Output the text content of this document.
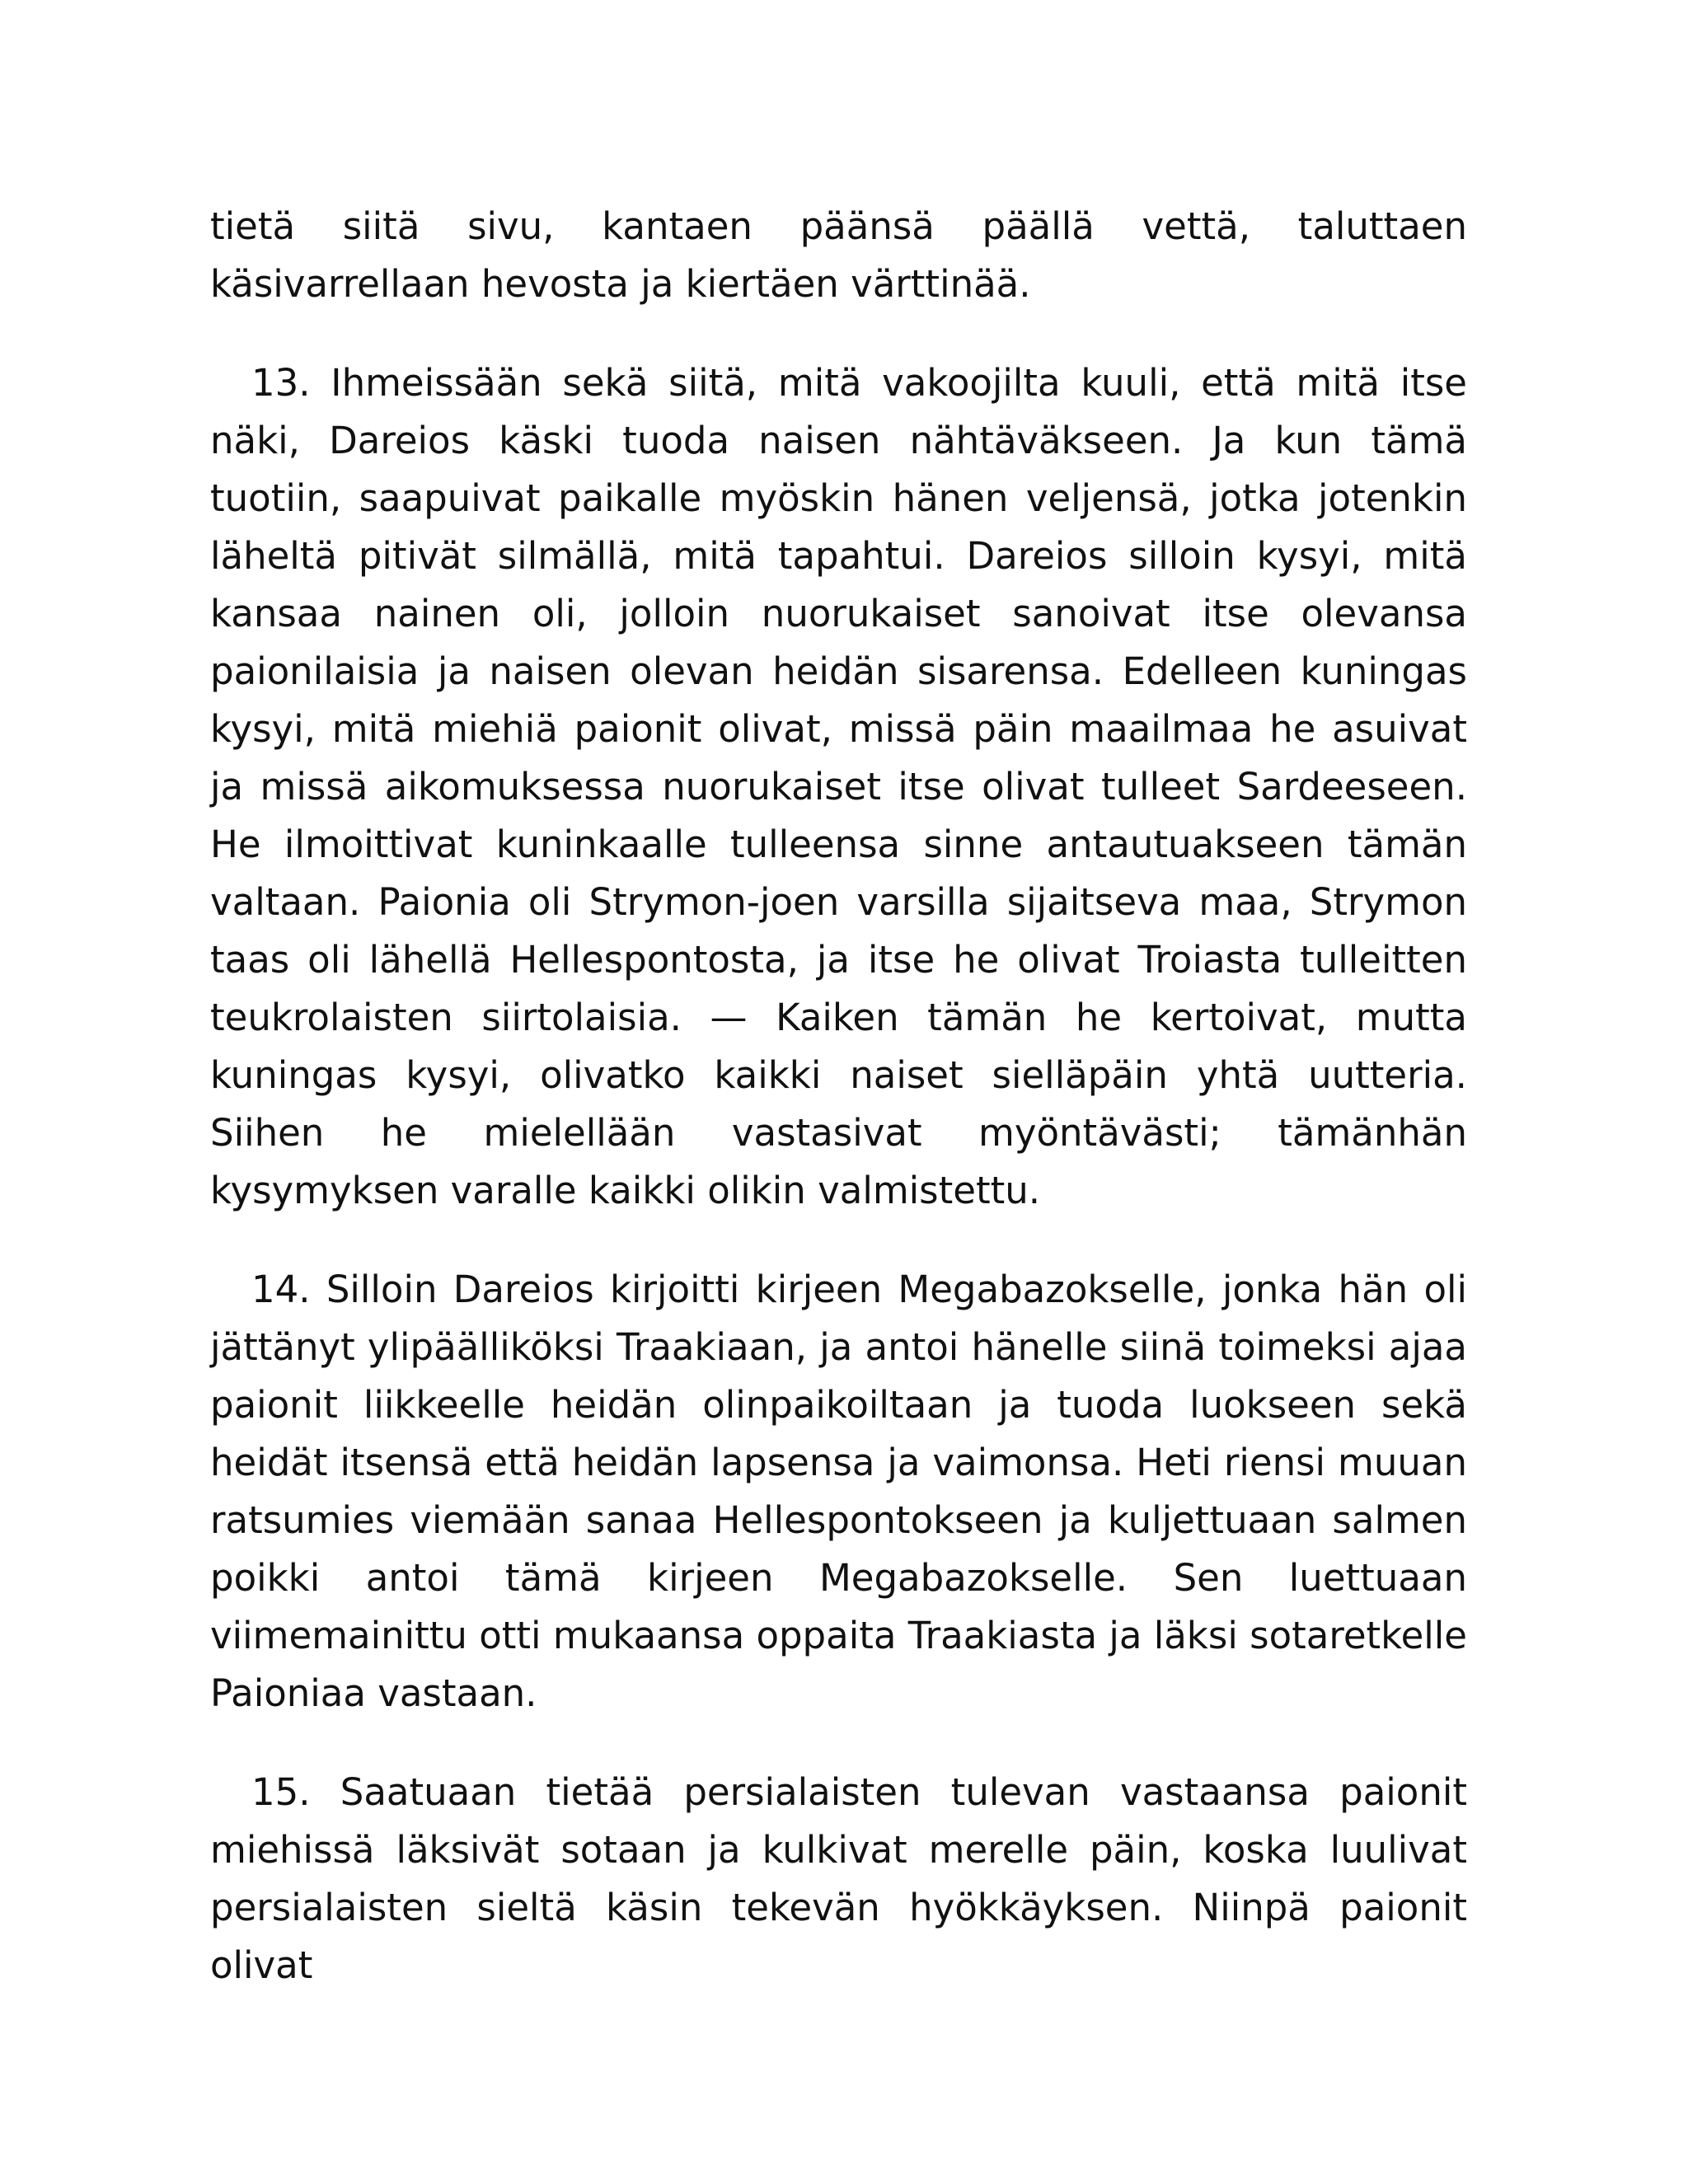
tietä siitä sivu, kantaen päänsä päällä vettä, taluttaen käsivarrellaan hevosta ja kiertäen värttinää.

13. Ihmeissään sekä siitä, mitä vakoojilta kuuli, että mitä itse näki, Dareios käski tuoda naisen nähtäväkseen. Ja kun tämä tuotiin, saapuivat paikalle myöskin hänen veljensä, jotka jotenkin läheltä pitivät silmällä, mitä tapahtui. Dareios silloin kysyi, mitä kansaa nainen oli, jolloin nuorukaiset sanoivat itse olevansa paionilaisia ja naisen olevan heidän sisarensa. Edelleen kuningas kysyi, mitä miehiä paionit olivat, missä päin maailmaa he asuivat ja missä aikomuksessa nuorukaiset itse olivat tulleet Sardeeseen. He ilmoittivat kuninkaalle tulleensa sinne antautuakseen tämän valtaan. Paionia oli Strymon-joen varsilla sijaitseva maa, Strymon taas oli lähellä Hellespontosta, ja itse he olivat Troiasta tulleitten teukrolaisten siirtolaisia. — Kaiken tämän he kertoivat, mutta kuningas kysyi, olivatko kaikki naiset sielläpäin yhtä uutteria. Siihen he mielellään vastasivat myöntävästi; tämänhän kysymyksen varalle kaikki olikin valmistettu.

14. Silloin Dareios kirjoitti kirjeen Megabazokselle, jonka hän oli jättänyt ylipäälliköksi Traakiaan, ja antoi hänelle siinä toimeksi ajaa paionit liikkeelle heidän olinpaikoiltaan ja tuoda luokseen sekä heidät itsensä että heidän lapsensa ja vaimonsa. Heti riensi muuan ratsumies viemään sanaa Hellespontokseen ja kuljettuaan salmen poikki antoi tämä kirjeen Megabazokselle. Sen luettuaan viimemainittu otti mukaansa oppaita Traakiasta ja läksi sotaretkelle Paioniaa vastaan.

15. Saatuaan tietää persialaisten tulevan vastaansa paionit miehissä läksivät sotaan ja kulkivat merelle päin, koska luulivat persialaisten sieltä käsin tekevän hyökkäyksen. Niinpä paionit olivat
